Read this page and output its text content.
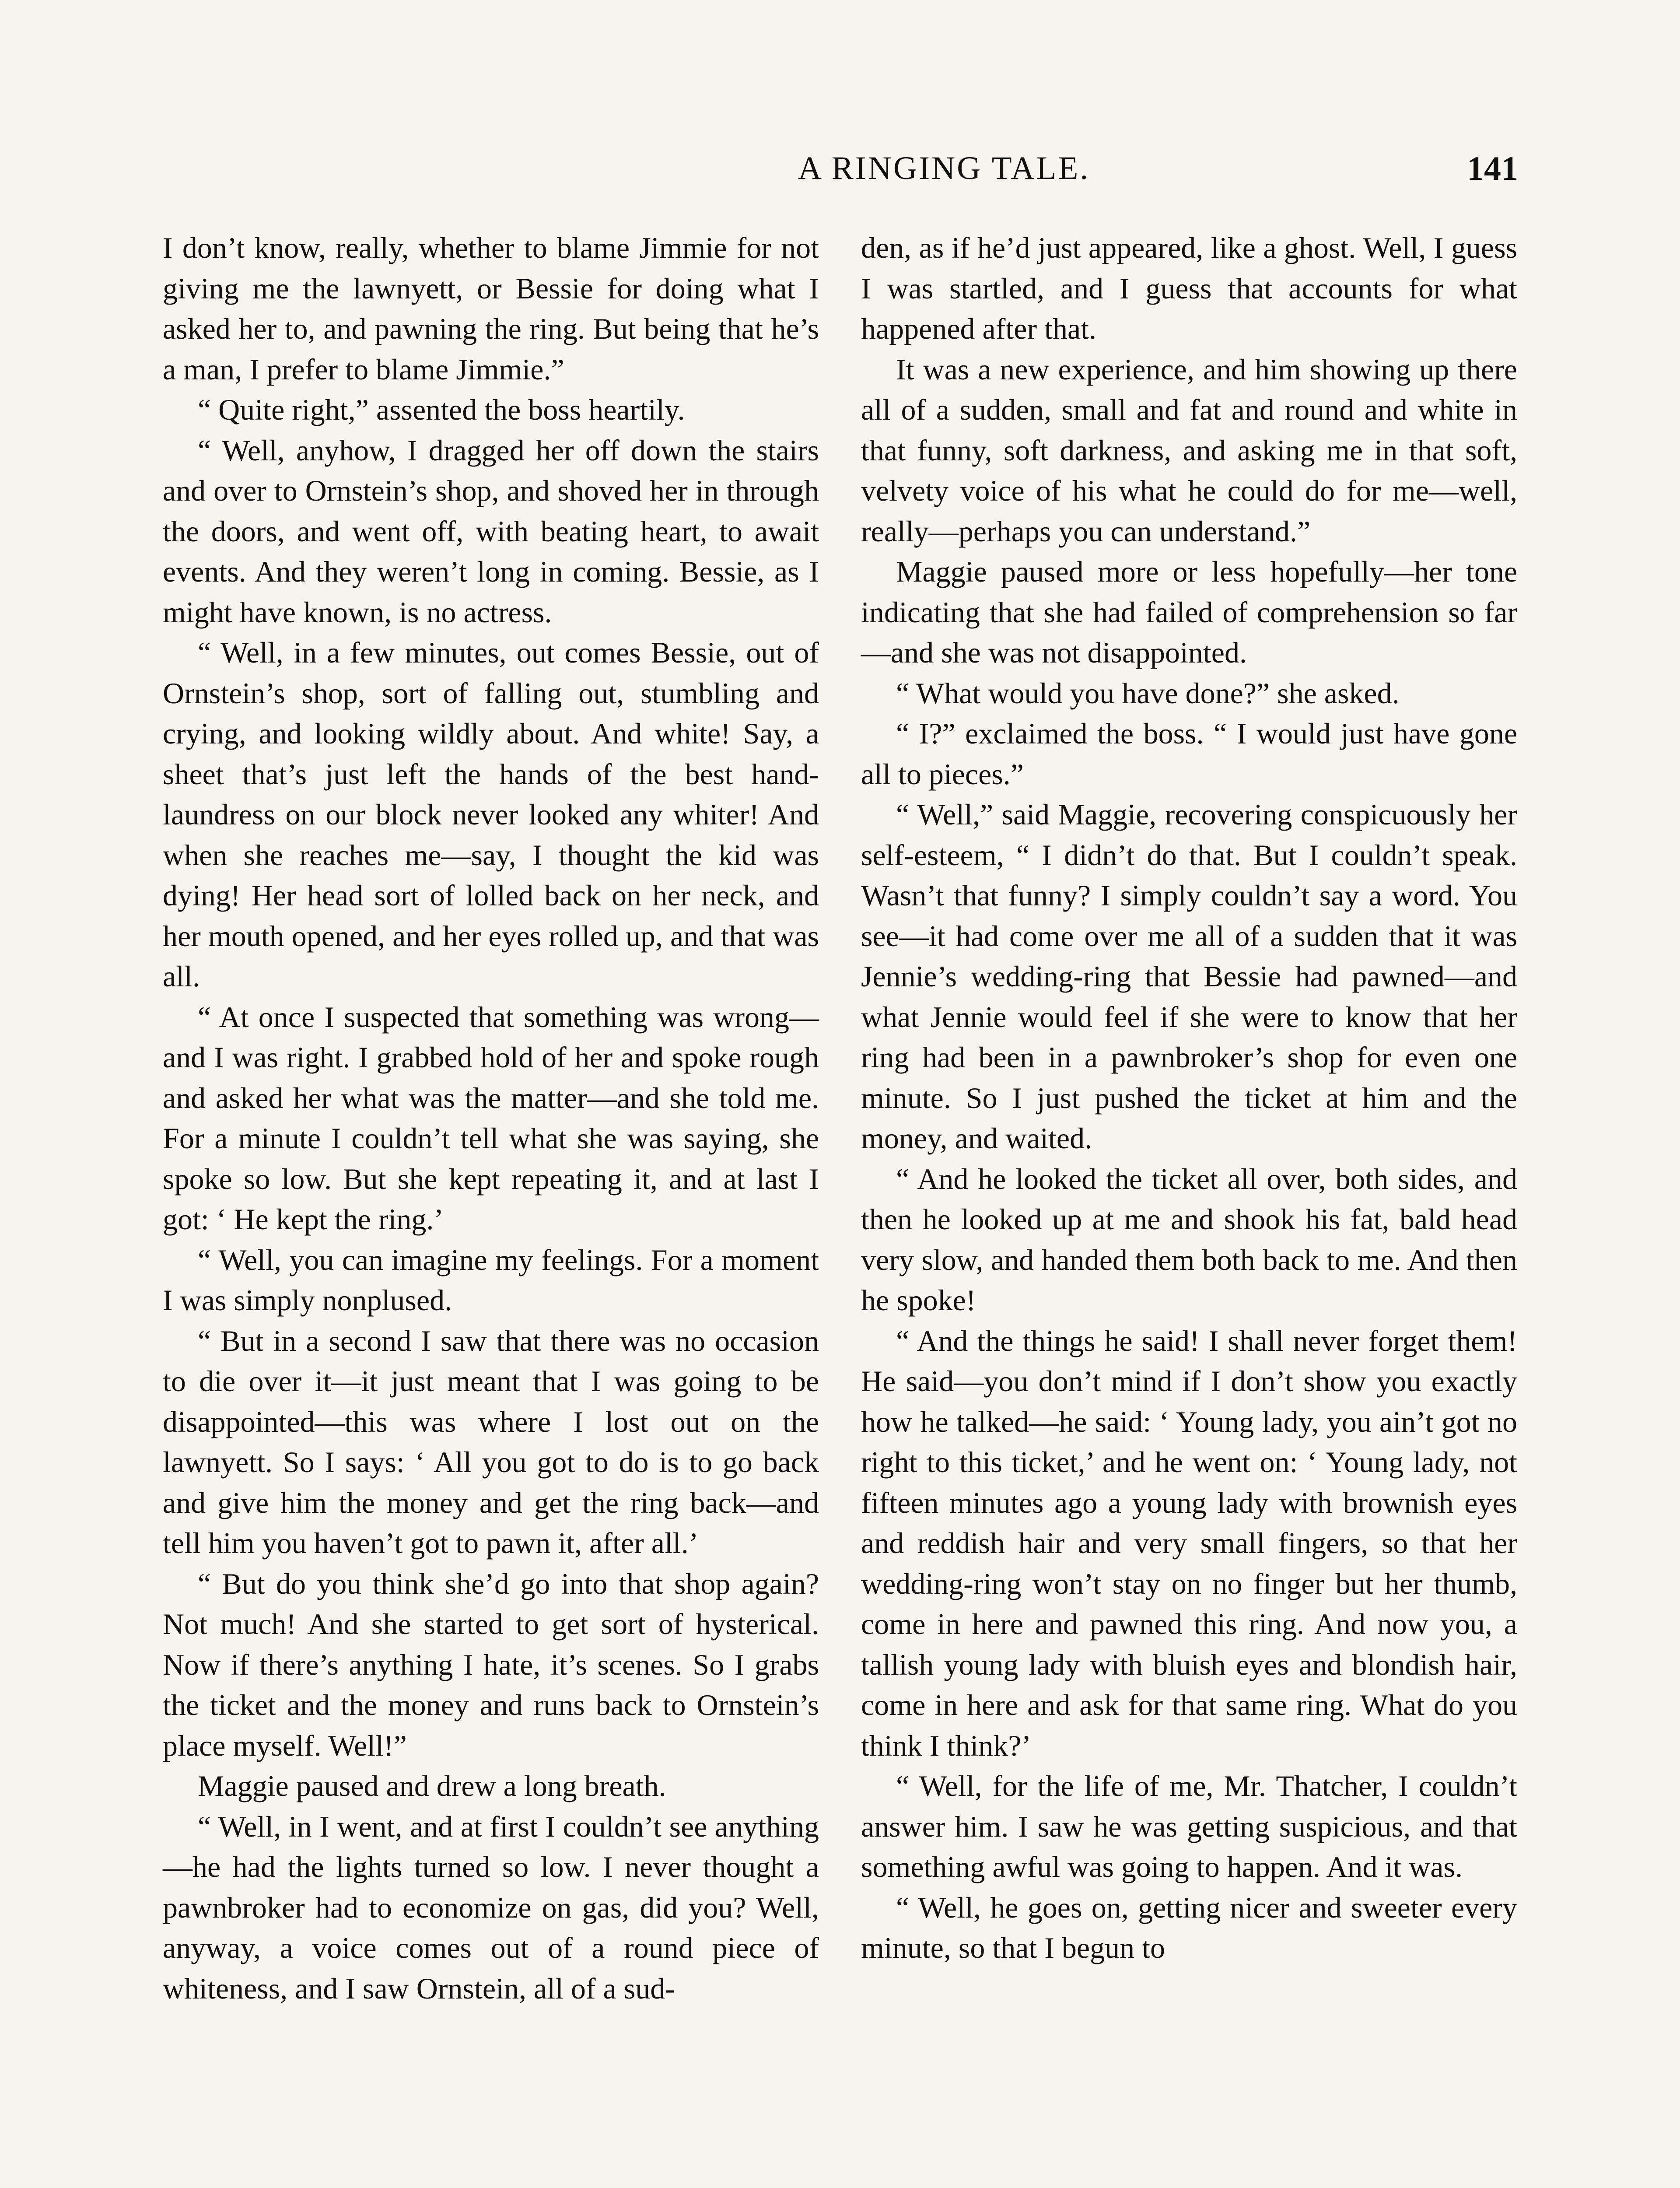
A RINGING TALE.	141

I don’t know, really, whether to blame Jimmie for not giving me the lawnyett, or Bessie for doing what I asked her to, and pawning the ring. But being that he’s a man, I prefer to blame Jimmie.”

“ Quite right,” assented the boss heartily.

“ Well, anyhow, I dragged her off down the stairs and over to Ornstein’s shop, and shoved her in through the doors, and went off, with beating heart, to await events. And they weren’t long in coming. Bessie, as I might have known, is no actress.

“ Well, in a few minutes, out comes Bessie, out of Ornstein’s shop, sort of falling out, stumbling and crying, and looking wildly about. And white! Say, a sheet that’s just left the hands of the best hand-laundress on our block never looked any whiter! And when she reaches me—say, I thought the kid was dying! Her head sort of lolled back on her neck, and her mouth opened, and her eyes rolled up, and that was all.

“ At once I suspected that something was wrong—and I was right. I grabbed hold of her and spoke rough and asked her what was the matter—and she told me. For a minute I couldn’t tell what she was saying, she spoke so low. But she kept repeating it, and at last I got: ‘ He kept the ring.’

“ Well, you can imagine my feelings. For a moment I was simply nonplused.

“ But in a second I saw that there was no occasion to die over it—it just meant that I was going to be disappointed—this was where I lost out on the lawnyett. So I says: ‘ All you got to do is to go back and give him the money and get the ring back—and tell him you haven’t got to pawn it, after all.’

“ But do you think she’d go into that shop again? Not much! And she started to get sort of hysterical. Now if there’s anything I hate, it’s scenes. So I grabs the ticket and the money and runs back to Ornstein’s place myself. Well!”

Maggie paused and drew a long breath.

“ Well, in I went, and at first I couldn’t see anything—he had the lights turned so low. I never thought a pawnbroker had to economize on gas, did you? Well, anyway, a voice comes out of a round piece of whiteness, and I saw Ornstein, all of a sud-

den, as if he’d just appeared, like a ghost. Well, I guess I was startled, and I guess that accounts for what happened after that.

It was a new experience, and him showing up there all of a sudden, small and fat and round and white in that funny, soft darkness, and asking me in that soft, velvety voice of his what he could do for me—well, really—perhaps you can understand.”

Maggie paused more or less hopefully—her tone indicating that she had failed of comprehension so far—and she was not disappointed.

“ What would you have done?” she asked.

“ I?” exclaimed the boss. “ I would just have gone all to pieces.”

“ Well,” said Maggie, recovering conspicuously her self-esteem, “ I didn’t do that. But I couldn’t speak. Wasn’t that funny? I simply couldn’t say a word. You see—it had come over me all of a sudden that it was Jennie’s wedding-ring that Bessie had pawned—and what Jennie would feel if she were to know that her ring had been in a pawnbroker’s shop for even one minute. So I just pushed the ticket at him and the money, and waited.

“ And he looked the ticket all over, both sides, and then he looked up at me and shook his fat, bald head very slow, and handed them both back to me. And then he spoke!

“ And the things he said! I shall never forget them! He said—you don’t mind if I don’t show you exactly how he talked—he said: ‘ Young lady, you ain’t got no right to this ticket,’ and he went on: ‘ Young lady, not fifteen minutes ago a young lady with brownish eyes and reddish hair and very small fingers, so that her wedding-ring won’t stay on no finger but her thumb, come in here and pawned this ring. And now you, a tallish young lady with bluish eyes and blondish hair, come in here and ask for that same ring. What do you think I think?’

“ Well, for the life of me, Mr. Thatcher, I couldn’t answer him. I saw he was getting suspicious, and that something awful was going to happen. And it was.

“ Well, he goes on, getting nicer and sweeter every minute, so that I begun to
